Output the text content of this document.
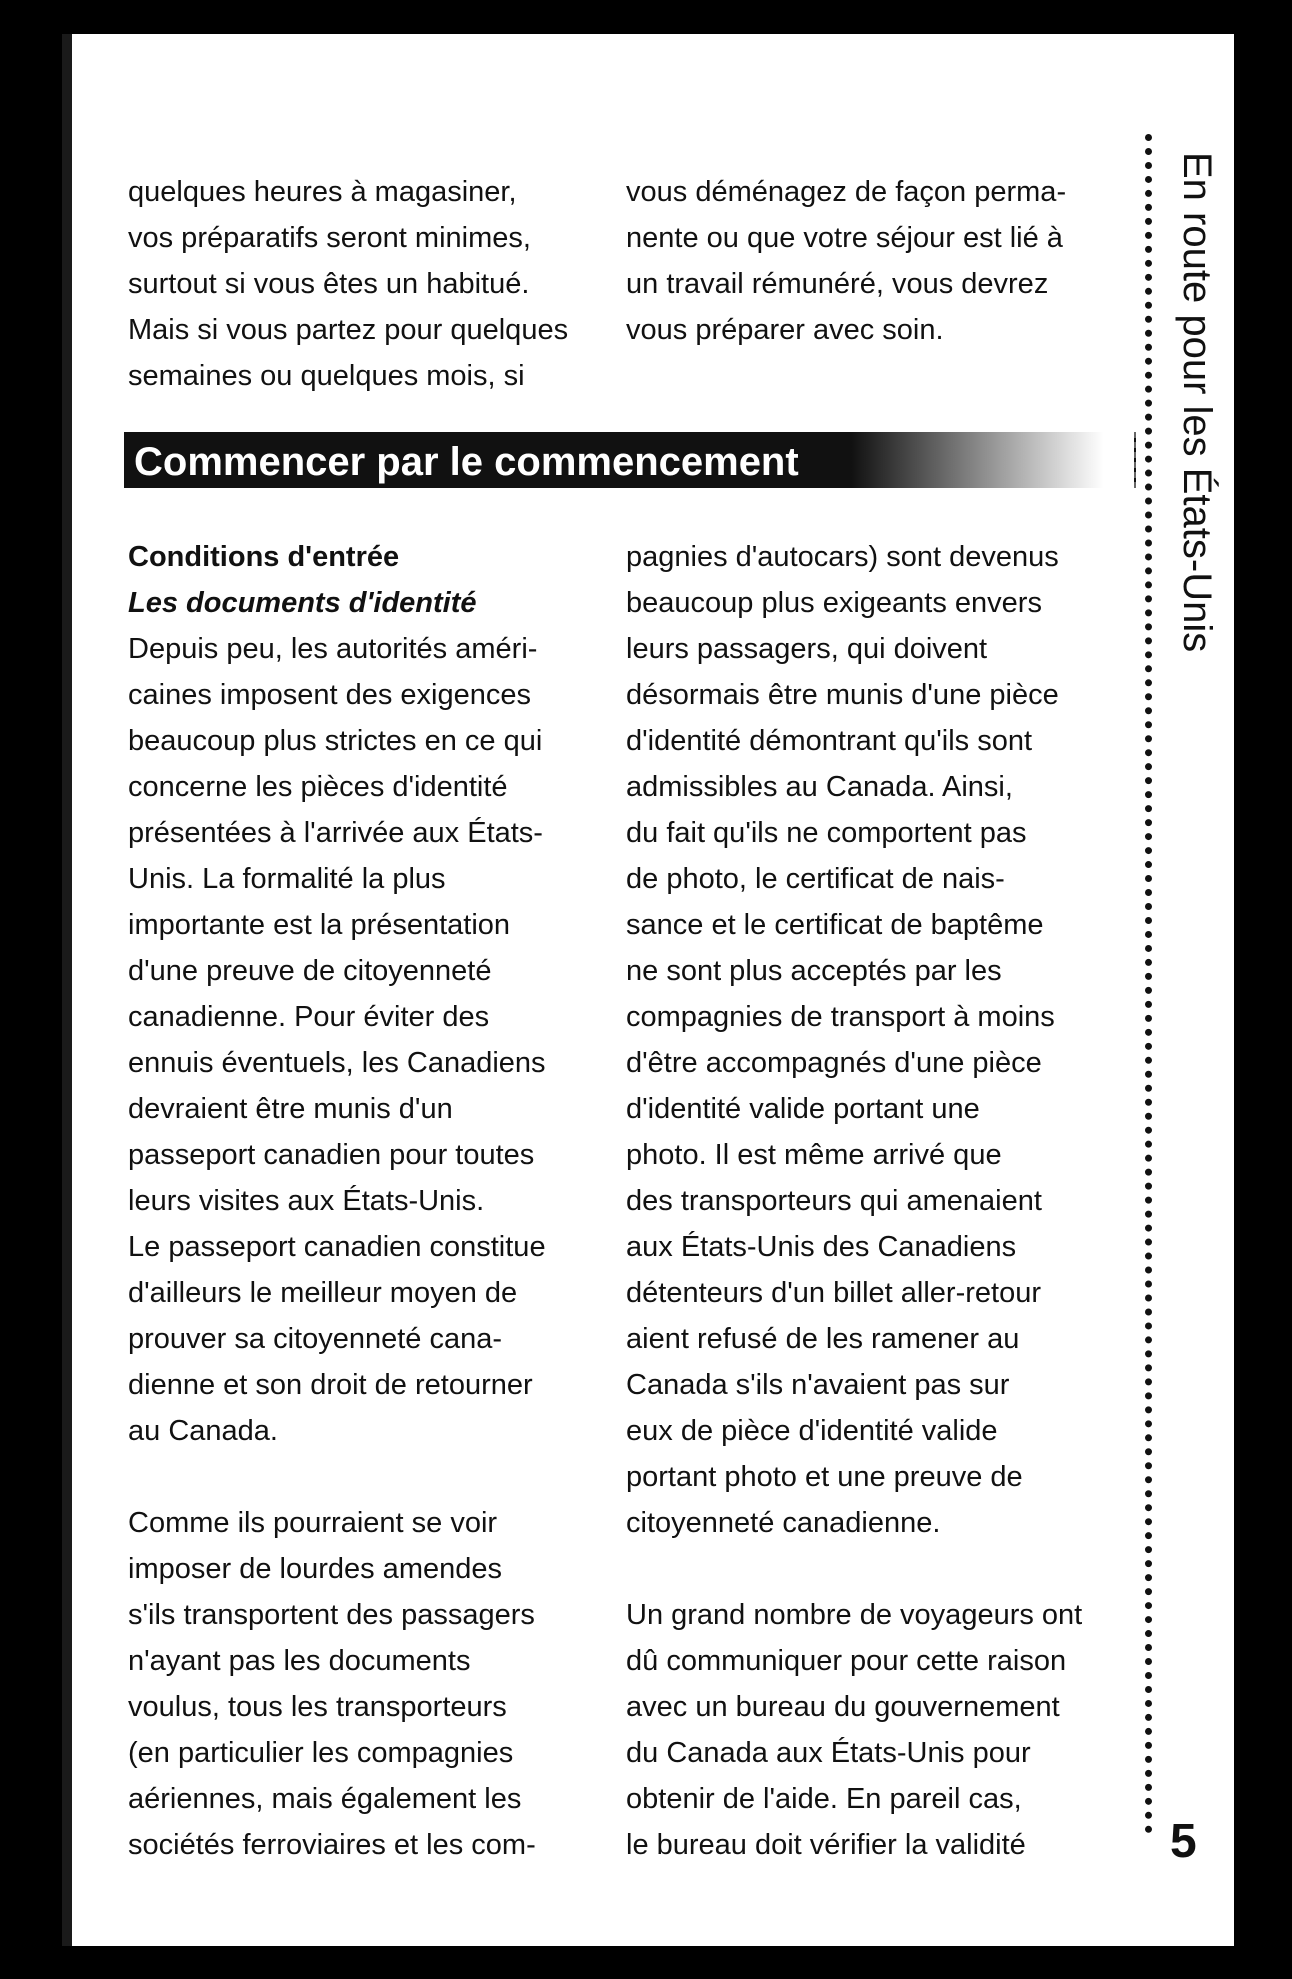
quelques heures à magasiner,
vos préparatifs seront minimes,
surtout si vous êtes un habitué.
Mais si vous partez pour quelques
semaines ou quelques mois, si

vous déménagez de façon perma-
nente ou que votre séjour est lié à
un travail rémunéré, vous devrez
vous préparer avec soin.

Commencer par le commencement

Conditions d'entrée

Les documents d'identité

Depuis peu, les autorités améri-
caines imposent des exigences
beaucoup plus strictes en ce qui
concerne les pièces d'identité
présentées à l'arrivée aux États-
Unis. La formalité la plus
importante est la présentation
d'une preuve de citoyenneté
canadienne. Pour éviter des
ennuis éventuels, les Canadiens
devraient être munis d'un
passeport canadien pour toutes
leurs visites aux États-Unis.
Le passeport canadien constitue
d'ailleurs le meilleur moyen de
prouver sa citoyenneté cana-
dienne et son droit de retourner
au Canada.

Comme ils pourraient se voir
imposer de lourdes amendes
s'ils transportent des passagers
n'ayant pas les documents
voulus, tous les transporteurs
(en particulier les compagnies
aériennes, mais également les
sociétés ferroviaires et les com-

pagnies d'autocars) sont devenus
beaucoup plus exigeants envers
leurs passagers, qui doivent
désormais être munis d'une pièce
d'identité démontrant qu'ils sont
admissibles au Canada. Ainsi,
du fait qu'ils ne comportent pas
de photo, le certificat de nais-
sance et le certificat de baptême
ne sont plus acceptés par les
compagnies de transport à moins
d'être accompagnés d'une pièce
d'identité valide portant une
photo. Il est même arrivé que
des transporteurs qui amenaient
aux États-Unis des Canadiens
détenteurs d'un billet aller-retour
aient refusé de les ramener au
Canada s'ils n'avaient pas sur
eux de pièce d'identité valide
portant photo et une preuve de
citoyenneté canadienne.

Un grand nombre de voyageurs ont
dû communiquer pour cette raison
avec un bureau du gouvernement
du Canada aux États-Unis pour
obtenir de l'aide. En pareil cas,
le bureau doit vérifier la validité

En route pour les États-Unis
5
